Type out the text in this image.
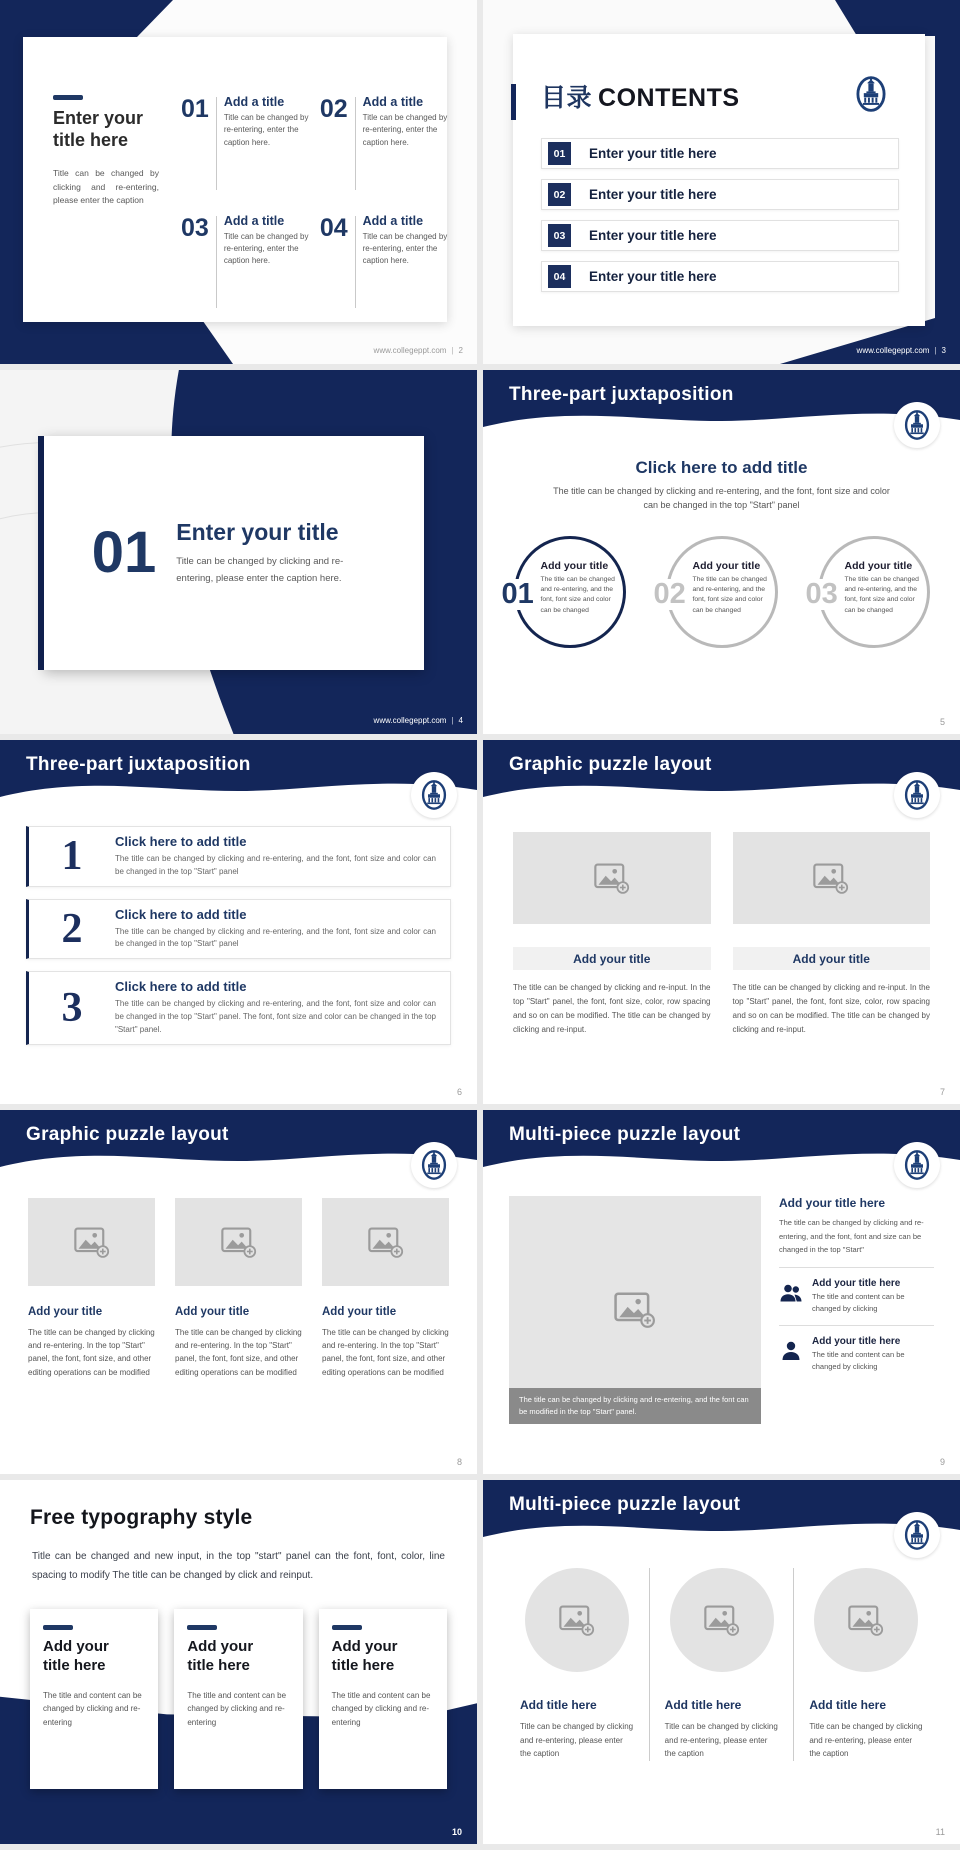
Enter your title here

Title can be changed by clicking and re-entering, please enter the caption

01 Add a title
Title can be changed by re-entering, enter the caption here.
02 Add a title
Title can be changed by re-entering, enter the caption here.
03 Add a title
Title can be changed by re-entering, enter the caption here.
04 Add a title
Title can be changed by re-entering, enter the caption here.
www.collegeppt.com | 2
目录 CONTENTS
01	Enter your title here
02	Enter your title here
03	Enter your title here
04	Enter your title here
www.collegeppt.com | 3
01 Enter your title

Title can be changed by clicking and re-entering, please enter the caption here.

www.collegeppt.com | 4
Three-part juxtaposition
Click here to add title

The title can be changed by clicking and re-entering, and the font, font size and color can be changed in the top "Start" panel

01
Add your title
The title can be changed and re-entering, and the font, font size and color can be changed
02
Add your title
The title can be changed and re-entering, and the font, font size and color can be changed
03
Add your title
The title can be changed and re-entering, and the font, font size and color can be changed
5
Three-part juxtaposition
1	Click here to add title
The title can be changed by clicking and re-entering, and the font, font size and color can be changed in the top "Start" panel
2	Click here to add title
The title can be changed by clicking and re-entering, and the font, font size and color can be changed in the top "Start" panel
3	Click here to add title
The title can be changed by clicking and re-entering, and the font, font size and color can be changed in the top "Start" panel. The font, font size and color can be changed in the top "Start" panel.
6
Graphic puzzle layout
Add your title
The title can be changed by clicking and re-input. In the top "Start" panel, the font, font size, color, row spacing and so on can be modified. The title can be changed by clicking and re-input.
Add your title
The title can be changed by clicking and re-input. In the top "Start" panel, the font, font size, color, row spacing and so on can be modified. The title can be changed by clicking and re-input.
7
Graphic puzzle layout
Add your title
The title can be changed by clicking and re-entering. In the top "Start" panel, the font, font size, and other editing operations can be modified
Add your title
The title can be changed by clicking and re-entering. In the top "Start" panel, the font, font size, and other editing operations can be modified
Add your title
The title can be changed by clicking and re-entering. In the top "Start" panel, the font, font size, and other editing operations can be modified
8
Multi-piece puzzle layout
The title can be changed by clicking and re-entering, and the font can be modified in the top "Start" panel.
Add your title here

The title can be changed by clicking and re-entering, and the font, font and size can be changed in the top "Start"

Add your title here
The title and content can be changed by clicking
Add your title here
The title and content can be changed by clicking
9
Free typography style

Title can be changed and new input, in the top "start" panel can the font, font, color, line spacing to modify The title can be changed by click and reinput.

Add your title here
The title and content can be changed by clicking and re-entering
Add your title here
The title and content can be changed by clicking and re-entering
Add your title here
The title and content can be changed by clicking and re-entering
10
Multi-piece puzzle layout
Add title here
Title can be changed by clicking and re-entering, please enter the caption
Add title here
Title can be changed by clicking and re-entering, please enter the caption
Add title here
Title can be changed by clicking and re-entering, please enter the caption
11
